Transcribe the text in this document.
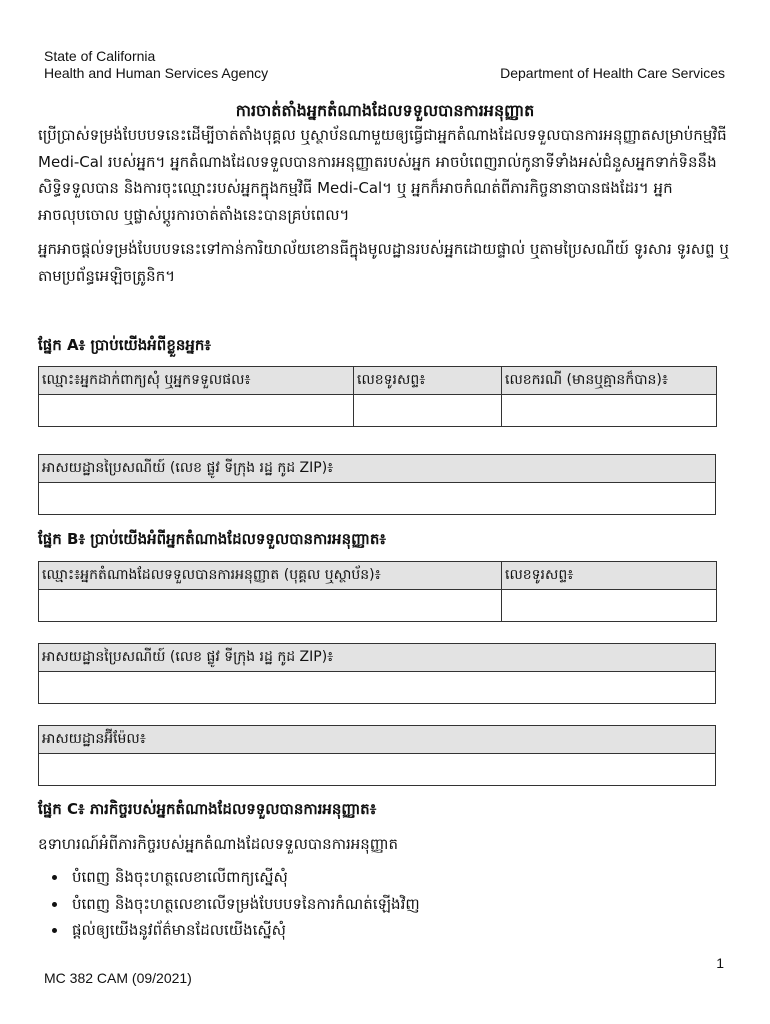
State of California
Health and Human Services Agency	Department of Health Care Services
ការចាត់តាំងអ្នកតំណាងដែលទទួលបានការអនុញ្ញាត
ប្រើប្រាស់ទម្រង់បែបបទនេះដើម្បីចាត់តាំងបុគ្គល ឬស្ថាប័នណាមួយឲ្យធ្វើជាអ្នកតំណាងដែលទទួលបានការអនុញ្ញាតសម្រាប់កម្មវិធី Medi-Cal របស់អ្នក។ អ្នកតំណាងដែលទទួលបានការអនុញ្ញាតរបស់អ្នក អាចបំពេញរាល់កូនាទីទាំងអស់ជំនួសអ្នកទាក់ទិននឹងសិទ្ធិទទួលបាន និងការចុះឈ្មោះរបស់អ្នកក្នុងកម្មវិធី Medi-Cal។ ឬ អ្នកក៏អាចកំណត់ពីភារកិច្ចនានាបានផងដែរ។ អ្នកអាចលុបចោល ឬផ្លាស់ប្តូរការចាត់តាំងនេះបានគ្រប់ពេល។
អ្នកអាចផ្តល់ទម្រង់បែបបទនេះទៅកាន់ការិយាល័យខោនធីក្នុងមូលដ្ឋានរបស់អ្នកដោយផ្ទាល់ ឬតាមប្រៃសណីយ៍ ទូរសារ ទូរសព្ទ ឬតាមប្រព័ន្ធអេឡិចត្រូនិក។
ផ្នែក A៖ ប្រាប់យើងអំពីខ្លួនអ្នក៖
ឈ្មោះ៖អ្នកដាក់ពាក្យសុំ ឬអ្នកទទួលផល៖	លេខទូរសព្ទ៖	លេខករណី (មានឬគ្មានក៏បាន)៖

អាសយដ្ឋានប្រៃសណីយ៍ (លេខ ផ្លូវ ទីក្រុង រដ្ឋ កូដ ZIP)៖

ផ្នែក B៖ ប្រាប់យើងអំពីអ្នកតំណាងដែលទទួលបានការអនុញ្ញាត៖
ឈ្មោះ៖អ្នកតំណាងដែលទទួលបានការអនុញ្ញាត (បុគ្គល ឬស្ថាប័ន)៖	លេខទូរសព្ទ៖

អាសយដ្ឋានប្រៃសណីយ៍ (លេខ ផ្លូវ ទីក្រុង រដ្ឋ កូដ ZIP)៖

អាសយដ្ឋានអ៊ីម៉ែល៖

ផ្នែក C៖ ភារកិច្ចរបស់អ្នកតំណាងដែលទទួលបានការអនុញ្ញាត៖
ឧទាហរណ៍អំពីភារកិច្ចរបស់អ្នកតំណាងដែលទទួលបានការអនុញ្ញាត
• បំពេញ និងចុះហត្ថលេខាលើពាក្យស្នើសុំ
• បំពេញ និងចុះហត្ថលេខាលើទម្រង់បែបបទនៃការកំណត់ឡើងវិញ
• ផ្តល់ឲ្យយើងនូវព័ត៌មានដែលយើងស្នើសុំ
1
MC 382 CAM (09/2021)
